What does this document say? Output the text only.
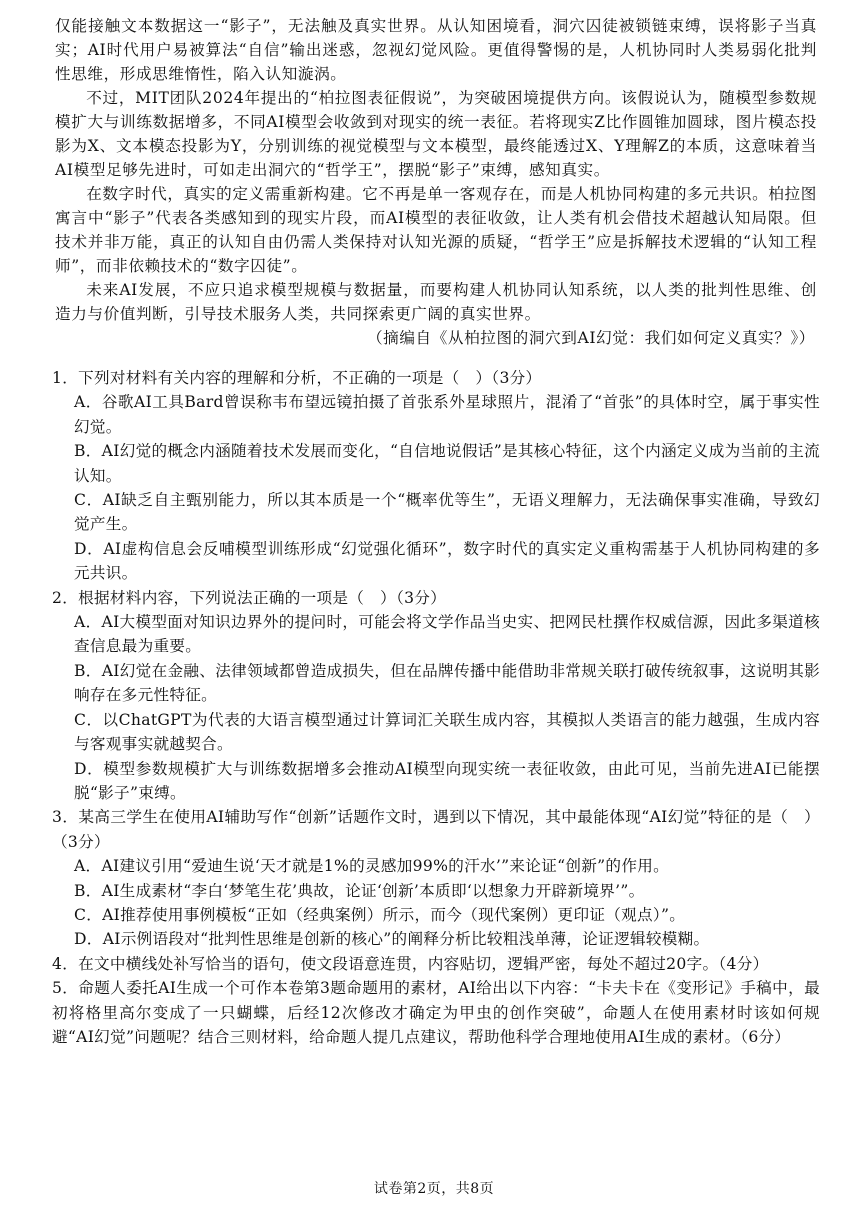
仅能接触文本数据这一“影子”，无法触及真实世界。从认知困境看，洞穴囚徒被锁链束缚，误将影子当真实；AI时代用户易被算法“自信”输出迷惑，忽视幻觉风险。更值得警惕的是，人机协同时人类易弱化批判性思维，形成思维惰性，陷入认知漩涡。

不过，MIT团队2024年提出的“柏拉图表征假说”，为突破困境提供方向。该假说认为，随模型参数规模扩大与训练数据增多，不同AI模型会收敛到对现实的统一表征。若将现实Z比作圆锥加圆球，图片模态投影为X、文本模态投影为Y，分别训练的视觉模型与文本模型，最终能透过X、Y理解Z的本质，这意味着当AI模型足够先进时，可如走出洞穴的“哲学王”，摆脱“影子”束缚，感知真实。

在数字时代，真实的定义需重新构建。它不再是单一客观存在，而是人机协同构建的多元共识。柏拉图寓言中“影子”代表各类感知到的现实片段，而AI模型的表征收敛，让人类有机会借技术超越认知局限。但技术并非万能，真正的认知自由仍需人类保持对认知光源的质疑，“哲学王”应是拆解技术逻辑的“认知工程师”，而非依赖技术的“数字囚徒”。

未来AI发展，不应只追求模型规模与数据量，而要构建人机协同认知系统，以人类的批判性思维、创造力与价值判断，引导技术服务人类，共同探索更广阔的真实世界。

（摘编自《从柏拉图的洞穴到AI幻觉：我们如何定义真实？》）

1．下列对材料有关内容的理解和分析，不正确的一项是（　）（3分）

A．谷歌AI工具Bard曾误称韦布望远镜拍摄了首张系外星球照片，混淆了“首张”的具体时空，属于事实性幻觉。

B．AI幻觉的概念内涵随着技术发展而变化，“自信地说假话”是其核心特征，这个内涵定义成为当前的主流认知。

C．AI缺乏自主甄别能力，所以其本质是一个“概率优等生”，无语义理解力，无法确保事实准确，导致幻觉产生。

D．AI虚构信息会反哺模型训练形成“幻觉强化循环”，数字时代的真实定义重构需基于人机协同构建的多元共识。

2．根据材料内容，下列说法正确的一项是（　）（3分）

A．AI大模型面对知识边界外的提问时，可能会将文学作品当史实、把网民杜撰作权威信源，因此多渠道核查信息最为重要。

B．AI幻觉在金融、法律领域都曾造成损失，但在品牌传播中能借助非常规关联打破传统叙事，这说明其影响存在多元性特征。

C．以ChatGPT为代表的大语言模型通过计算词汇关联生成内容，其模拟人类语言的能力越强，生成内容与客观事实就越契合。

D．模型参数规模扩大与训练数据增多会推动AI模型向现实统一表征收敛，由此可见，当前先进AI已能摆脱“影子”束缚。

3．某高三学生在使用AI辅助写作“创新”话题作文时，遇到以下情况，其中最能体现“AI幻觉”特征的是（　）（3分）

A．AI建议引用“爱迪生说‘天才就是1%的灵感加99%的汗水’”来论证“创新”的作用。

B．AI生成素材“李白‘梦笔生花’典故，论证‘创新’本质即‘以想象力开辟新境界’”。

C．AI推荐使用事例模板“正如（经典案例）所示，而今（现代案例）更印证（观点）”。

D．AI示例语段对“批判性思维是创新的核心”的阐释分析比较粗浅单薄，论证逻辑较模糊。

4．在文中横线处补写恰当的语句，使文段语意连贯，内容贴切，逻辑严密，每处不超过20字。（4分）

5．命题人委托AI生成一个可作本卷第3题命题用的素材，AI给出以下内容：“卡夫卡在《变形记》手稿中，最初将格里高尔变成了一只蝴蝶，后经12次修改才确定为甲虫的创作突破”，命题人在使用素材时该如何规避“AI幻觉”问题呢？结合三则材料，给命题人提几点建议，帮助他科学合理地使用AI生成的素材。（6分）

试卷第2页，共8页
